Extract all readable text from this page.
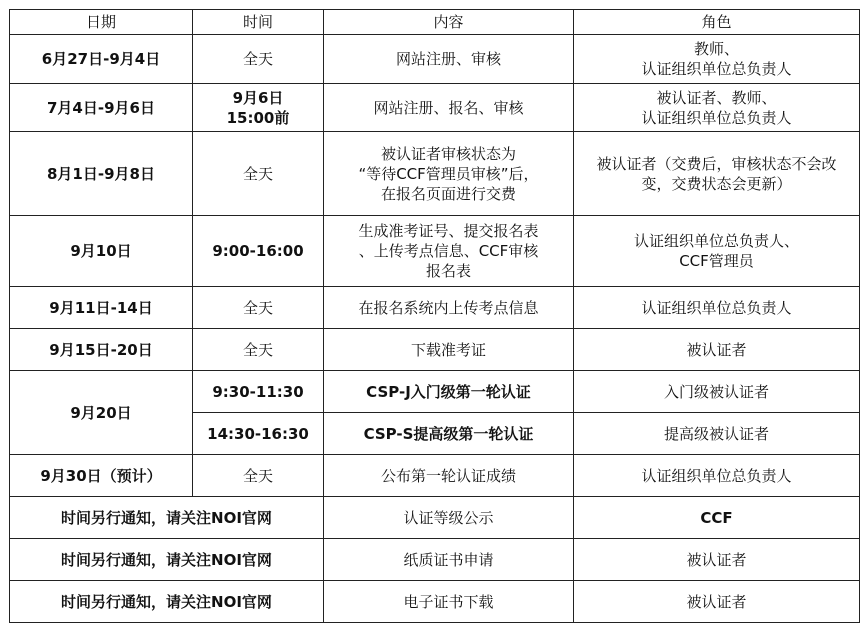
日期	时间	内容	角色
6月27日-9月4日	全天	网站注册、审核	教师、
认证组织单位总负责人
7月4日-9月6日	9月6日
15:00前	网站注册、报名、审核	被认证者、教师、
认证组织单位总负责人
8月1日-9月8日	全天	被认证者审核状态为
“等待CCF管理员审核”后，
在报名页面进行交费	被认证者（交费后，审核状态不会改
变，交费状态会更新）
9月10日	9:00-16:00	生成准考证号、提交报名表
、上传考点信息、CCF审核
报名表	认证组织单位总负责人、
CCF管理员
9月11日-14日	全天	在报名系统内上传考点信息	认证组织单位总负责人
9月15日-20日	全天	下载准考证	被认证者
9月20日	9:30-11:30	CSP-J入门级第一轮认证	入门级被认证者
	14:30-16:30	CSP-S提高级第一轮认证	提高级被认证者
9月30日（预计）	全天	公布第一轮认证成绩	认证组织单位总负责人
时间另行通知，请关注NOI官网		认证等级公示	CCF
时间另行通知，请关注NOI官网		纸质证书申请	被认证者
时间另行通知，请关注NOI官网		电子证书下载	被认证者
